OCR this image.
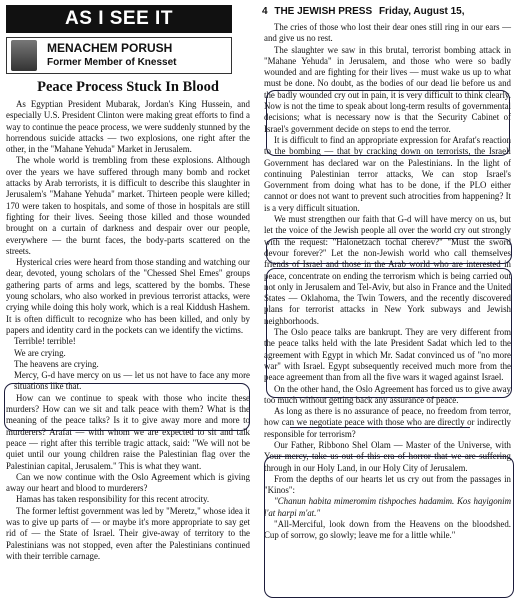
AS I SEE IT
MENACHEM PORUSH
Former Member of Knesset
Peace Process Stuck In Blood
4 THE JEWISH PRESS Friday, August 15,

As Egyptian President Mubarak, Jordan's King Hussein, and especially U.S. President Clinton were making great efforts to find a way to continue the peace process, we were suddenly stunned by the horrendous suicide attacks — two explosions, one right after the other, in the "Mahane Yehuda" Market in Jerusalem.

The whole world is trembling from these explosions. Although over the years we have suffered through many bomb and rocket attacks by Arab terrorists, it is difficult to describe this slaughter in Jerusalem's "Mahane Yehuda" market. Thirteen people were killed; 170 were taken to hospitals, and some of those in hospitals are still fighting for their lives. Seeing those killed and those wounded brought on a curtain of darkness and despair over our people, everywhere — the burnt faces, the body-parts scattered on the streets.

Hysterical cries were heard from those standing and watching our dear, devoted, young scholars of the "Chessed Shel Emes" groups gathering parts of arms and legs, scattered by the bombs. These young scholars, who also worked in previous terrorist attacks, were crying while doing this holy work, which is a real Kiddush Hashem. It is often difficult to recognize who has been killed, and only by papers and identity card in the pockets can we identify the victims.

Terrible! terrible!

We are crying.

The heavens are crying.

Mercy, G-d have mercy on us — let us not have to face any more situations like that.

How can we continue to speak with those who incite these murders? How can we sit and talk peace with them? What is the meaning of the peace talks? Is it to give away more and more to murderers? Arafat — with whom we are expected to sit and talk peace — right after this terrible tragic attack, said: "We will not be quiet until our young children raise the Palestinian flag over the Palestinian capital, Jerusalem." This is what they want.

Can we now continue with the Oslo Agreement which is giving away our heart and blood to murderers?

Hamas has taken responsibility for this recent atrocity.

The former leftist government was led by "Meretz," whose idea it was to give up parts of — or maybe it's more appropriate to say get rid of — the State of Israel. Their give-away of territory to the Palestinians was not stopped, even after the Palestinians continued with their terrible carnage.

The cries of those who lost their dear ones still ring in our ears — and give us no rest.

The slaughter we saw in this brutal, terrorist bombing attack in "Mahane Yehuda" in Jerusalem, and those who were so badly wounded and are fighting for their lives — must wake us up to what must be done. No doubt, as the bodies of our dead lie before us and the badly wounded cry out in pain, it is very difficult to think clearly. Now is not the time to speak about long-term results of governmental decisions; what is necessary now is that the Security Cabinet of Israel's government decide on steps to end the terror.

It is difficult to find an appropriate expression for Arafat's reaction to the bombing — that by cracking down on terrorists, the Israeli Government has declared war on the Palestinians. In the light of continuing Palestinian terror attacks, We can stop Israel's Government from doing what has to be done, if the PLO either cannot or does not want to prevent such atrocities from happening? It is a very difficult situation.

We must strengthen our faith that G-d will have mercy on us, but let the voice of the Jewish people all over the world cry out strongly with the request: "Halonetzach tochal cherev?" "Must the sword devour forever?" Let the non-Jewish world who call themselves friends of Israel and those in the Arab world who are interested in peace, concentrate on ending the terrorism which is being carried out not only in Jerusalem and Tel-Aviv, but also in France and the United States — Oklahoma, the Twin Towers, and the recently discovered plans for terrorist attacks in New York subways and Jewish neighborhoods.

The Oslo peace talks are bankrupt. They are very different from the peace talks held with the late President Sadat which led to the agreement with Egypt in which Mr. Sadat convinced us of "no more war" with Israel. Egypt subsequently received much more from the peace agreement than from all the five wars it waged against Israel.

On the other hand, the Oslo Agreement has forced us to give away too much without getting back any assurance of peace.

As long as there is no assurance of peace, no freedom from terror, how can we negotiate peace with those who are directly or indirectly responsible for terrorism?

Our Father, Ribbono Shel Olam — Master of the Universe, with Your mercy, take us out of this era of horror that we are suffering through in our Holy Land, in our Holy City of Jerusalem.

From the depths of our hearts let us cry out from the passages in "Kinos":

"Chanun habita mimeromim tishpoches hadamim. Kos hayigonim l'at harpi m'at."

"All-Merciful, look down from the Heavens on the bloodshed. Cup of sorrow, go slowly; leave me for a little while."
